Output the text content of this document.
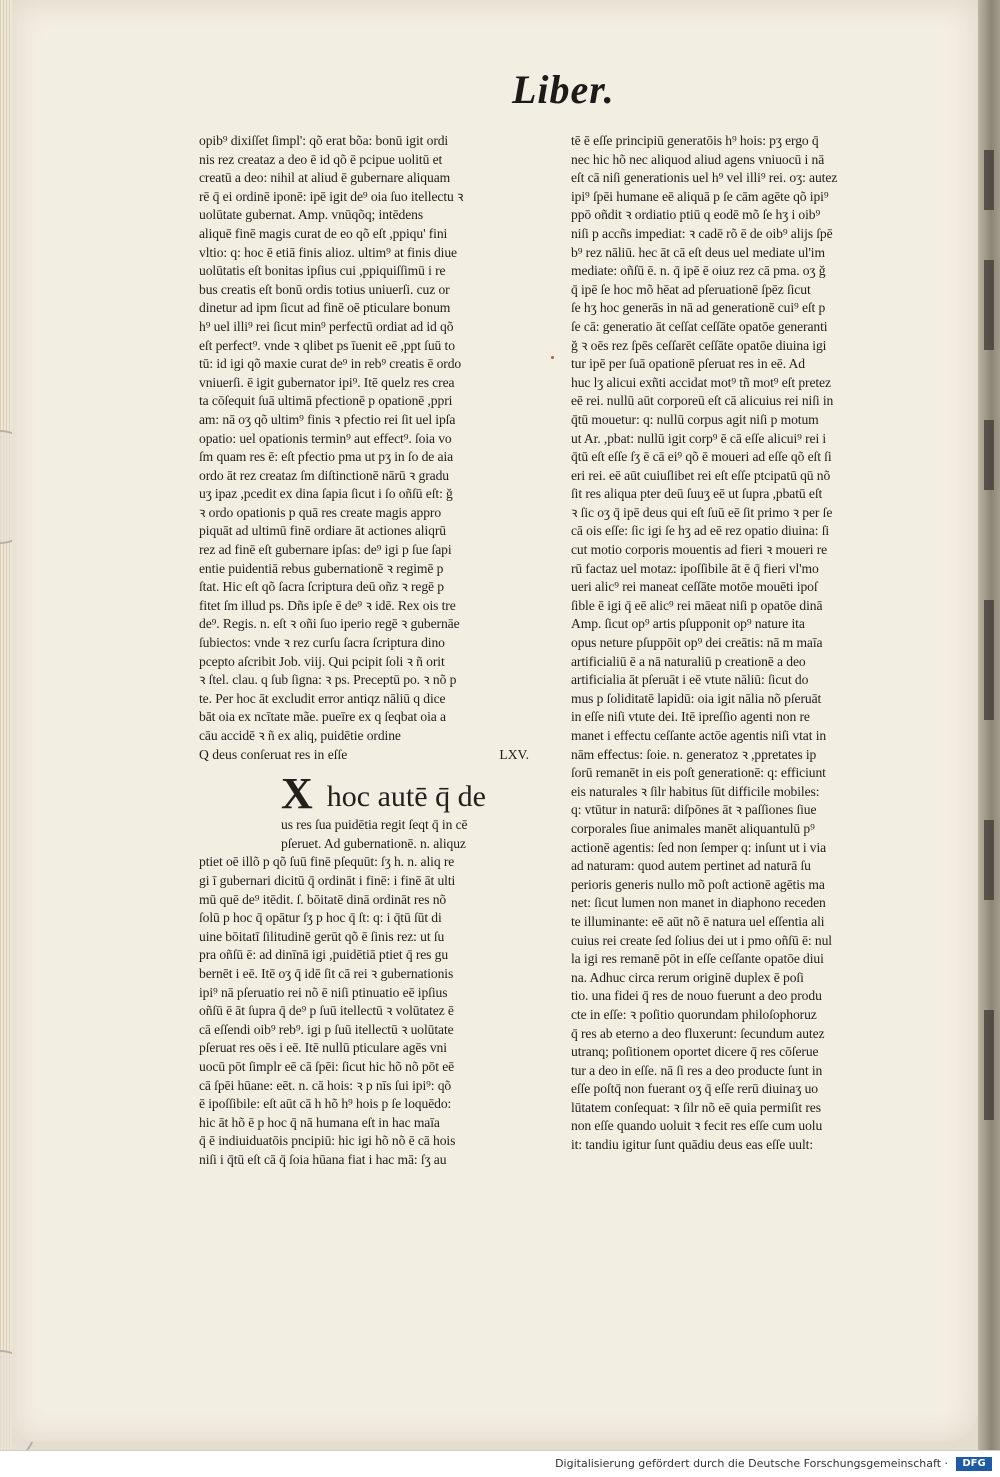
Liber.
opib⁹ dixiſſet ſimpl': qõ erat bõa: bonū igit ordi
nis rez creataz a deo ē id qõ ē pcipue uolitū et
creatū a deo: nihil at aliud ē gubernare aliquam
rē q̄ ei ordinē iponē: ipē igit de⁹ oia ſuo itellectu ꝛ
uolūtate gubernat. Amp. vnūqõq; intēdens
aliquē finē magis curat de eo qõ eſt ,ppiqu' fini
vltio: q: hoc ē etiā finis alioz. ultim⁹ at finis diue
uolūtatis eſt bonitas ipſius cui ,ppiquiſſimū i re
bus creatis eſt bonū ordis totius uniuerſi. cuz or
dinetur ad ipm ſicut ad finē oē pticulare bonum
h⁹ uel illi⁹ rei ſicut min⁹ perfectū ordiat ad id qõ
eſt perfect⁹. vnde ꝛ qlibet ps īuenit eē ,ppt ſuū to
tū: id igi qõ maxie curat de⁹ in reb⁹ creatis ē ordo
vniuerſi. ē igit gubernator ipi⁹. Itē quelz res crea
ta cōſequit ſuā ultimā pfectionē p opationē ,ppri
am: nā oʒ qõ ultim⁹ finis ꝛ pfectio rei ſit uel ipſa
opatio: uel opationis termin⁹ aut effect⁹. ſoia vo
ſm quam res ē: eſt pfectio pma ut pʒ in ſo de aia
ordo āt rez creataz ſm diſtinctionē nārū ꝛ gradu
uʒ ipaz ,pcedit ex dina ſapia ſicut i ſo oñſū eſt: ğ
ꝛ ordo opationis p quā res create magis appro
piquāt ad ultimū finē ordiare āt actiones aliqrū
rez ad finē eſt gubernare ipſas: de⁹ igi p ſue ſapi
entie puidentiā rebus gubernationē ꝛ regimē p
ſtat. Hic eſt qõ ſacra ſcriptura deū oñz ꝛ regē p
fitet ſm illud ps. Dñs ipſe ē de⁹ ꝛ idē. Rex ois tre
de⁹. Regis. n. eſt ꝛ oñi ſuo iperio regē ꝛ gubernāe
ſubiectos: vnde ꝛ rez curſu ſacra ſcriptura dino
pcepto aſcribit Job. viij. Qui pcipit ſoli ꝛ ñ orit
ꝛ ſtel. clau. q ſub ſigna: ꝛ ps. Preceptū po. ꝛ nõ p
te. Per hoc āt excludit error antiqz nāliū q dice
bāt oia ex ncītate mãe. pueīre ex q ſeqbat oia a
cāu accidē ꝛ ñ ex aliq, puidētie ordine
Q deus conſeruat res in eſſe	LXV.
X hoc autē q̄ de
us res ſua puidētia regit ſeqt q̄ in cē
pſeruet. Ad gubernationē. n. aliquz
ptiet oē illõ p qõ ſuū finē pſequūt: ſʒ h. n. aliq re
gi ī gubernari dicitū q̄ ordināt i finē: i finē āt ulti
mū quē de⁹ itēdit. ſ. bōitatē dinā ordināt res nõ
ſolū p hoc q̄ opātur ſʒ p hoc q̄ ſt: q: i q̄tū ſūt di
uine bōitatī ſilitudinē gerūt qõ ē ſinis rez: ut ſu
pra oñſū ē: ad dinīnā igi ,puidētiā ptiet q̄ res gu
bernēt i eē. Itē oʒ q̄ idē ſit cā rei ꝛ gubernationis
ipi⁹ nā pſeruatio rei nõ ē niſi ptinuatio eē ipſius
oñſū ē āt ſupra q̄ de⁹ p ſuū itellectū ꝛ volūtatez ē
cā eſſendi oib⁹ reb⁹. igi p ſuū itellectū ꝛ uolūtate
pſeruat res oēs i eē. Itē nullū pticulare agēs vni
uocū pōt ſimplr eē cā ſpēi: ſicut hic hõ nõ pōt eē
cā ſpēi hūane: eēt. n. cā hois: ꝛ p nīs ſui ipi⁹: qõ
ē ipoſſibile: eſt aūt cā h hõ h⁹ hois p ſe loquēdo:
hic āt hõ ē p hoc q̄ nā humana eſt in hac maīa
q̄ ē indiuiduatōis pncipiū: hic igi hõ nõ ē cā hois
niſi i q̄tū eſt cā q̄ ſoia hūana fiat i hac mā: ſʒ au
tē ē eſſe principiū generatōis h⁹ hois: pʒ ergo q̄
nec hic hõ nec aliquod aliud agens vniuocū i nā
eſt cā niſi generationis uel h⁹ vel illi⁹ rei. oʒ: autez
ipi⁹ ſpēi humane eē aliquā p ſe cām agēte qõ ipi⁹
ppō oñdit ꝛ ordiatio ptiū q eodē mõ ſe hʒ i oib⁹
niſi p accñs impediat: ꝛ cadē rõ ē de oib⁹ alijs ſpē
b⁹ rez nāliū. hec āt cā eſt deus uel mediate ul'im
mediate: oñſū ē. n. q̄ ipē ē oiuz rez cā pma. oʒ ğ
q̄ ipē ſe hoc mõ hēat ad pſeruationē ſpēz ſicut
ſe hʒ hoc generās in nā ad generationē cui⁹ eſt p
ſe cā: generatio āt ceſſat ceſſāte opatōe generanti
ğ ꝛ oēs rez ſpēs ceſſarēt ceſſāte opatōe diuina igi
tur ipē per ſuā opationē pſeruat res in eē. Ad
huc lʒ alicui exñti accidat mot⁹ tñ mot⁹ eſt pretez
eē rei. nullū aūt corporeū eſt cā alicuius rei niſi in
q̄tū mouetur: q: nullū corpus agit niſi p motum
ut Ar. ,pbat: nullū igit corp⁹ ē cā eſſe alicui⁹ rei i
q̄tū eſt eſſe ſʒ ē cā ei⁹ qõ ē moueri ad eſſe qõ eſt ſi
eri rei. eē aūt cuiuſlibet rei eſt eſſe ptcipatū qū nõ
ſit res aliqua pter deū ſuuʒ eē ut ſupra ,pbatū eſt
ꝛ ſic oʒ q̄ ipē deus qui eſt ſuū eē ſit primo ꝛ per ſe
cā ois eſſe: ſic igi ſe hʒ ad eē rez opatio diuina: ſi
cut motio corporis mouentis ad fieri ꝛ moueri re
rū factaz uel motaz: ipoſſibile āt ē q̄ fieri vl'mo
ueri alic⁹ rei maneat ceſſāte motōe mouēti ipoſ
ſible ē igi q̄ eē alic⁹ rei māeat niſi p opatōe dinā
Amp. ſicut op⁹ artis pſupponit op⁹ nature ita
opus neture pſuppōit op⁹ dei creātis: nā m maīa
artificialiū ē a nā naturaliū p creationē a deo
artificialia āt pſeruāt i eē vtute nāliū: ſicut do
mus p ſoliditatē lapidū: oia igit nālia nõ pſeruāt
in eſſe niſi vtute dei. Itē ipreſſio agenti non re
manet i effectu ceſſante actōe agentis niſi vtat in
nām effectus: ſoie. n. generatoz ꝛ ,ppretates ip
ſorū remanēt in eis poſt generationē: q: efficiunt
eis naturales ꝛ ſilr habitus ſūt difficile mobiles:
q: vtūtur in naturā: diſpōnes āt ꝛ paſſiones ſiue
corporales ſiue animales manēt aliquantulū p⁹
actionē agentis: ſed non ſemper q: inſunt ut i via
ad naturam: quod autem pertinet ad naturā ſu
perioris generis nullo mõ poſt actionē agētis ma
net: ſicut lumen non manet in diaphono receden
te illuminante: eē aūt nõ ē natura uel eſſentia ali
cuius rei create ſed ſolius dei ut i pmo oñſū ē: nul
la igi res remanē pōt in eſſe ceſſante opatōe diui
na. Adhuc circa rerum originē duplex ē poſi
tio. una fidei q̄ res de nouo fuerunt a deo produ
cte in eſſe: ꝛ poſitio quorundam philoſophoruz
q̄ res ab eterno a deo fluxerunt: ſecundum autez
utranq; poſitionem oportet dicere q̄ res cōſerue
tur a deo in eſſe. nā ſi res a deo producte ſunt in
eſſe poſtq̄ non fuerant oʒ q̄ eſſe rerū diuinaʒ uo
lūtatem conſequat: ꝛ ſilr nõ eē quia permiſit res
non eſſe quando uoluit ꝛ fecit res eſſe cum uolu
it: tandiu igitur ſunt quādiu deus eas eſſe uult:
Digitalisierung gefördert durch die Deutsche Forschungsgemeinschaft ·	DFG
